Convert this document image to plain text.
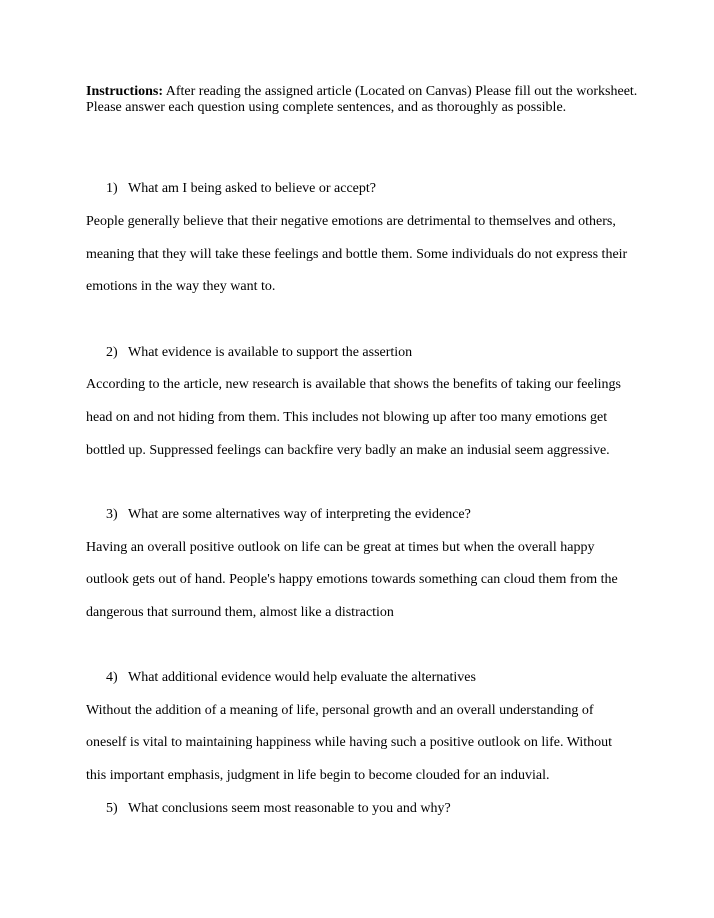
Instructions: After reading the assigned article (Located on Canvas) Please fill out the worksheet. Please answer each question using complete sentences, and as thoroughly as possible.
1) What am I being asked to believe or accept?
People generally believe that their negative emotions are detrimental to themselves and others,
meaning that they will take these feelings and bottle them. Some individuals do not express their
emotions in the way they want to.
2) What evidence is available to support the assertion
According to the article, new research is available that shows the benefits of taking our feelings
head on and not hiding from them. This includes not blowing up after too many emotions get
bottled up. Suppressed feelings can backfire very badly an make an indusial seem aggressive.
3) What are some alternatives way of interpreting the evidence?
Having an overall positive outlook on life can be great at times but when the overall happy
outlook gets out of hand. People's happy emotions towards something can cloud them from the
dangerous that surround them, almost like a distraction
4) What additional evidence would help evaluate the alternatives
Without the addition of a meaning of life, personal growth and an overall understanding of
oneself is vital to maintaining happiness while having such a positive outlook on life. Without
this important emphasis, judgment in life begin to become clouded for an induvial.
5) What conclusions seem most reasonable to you and why?
